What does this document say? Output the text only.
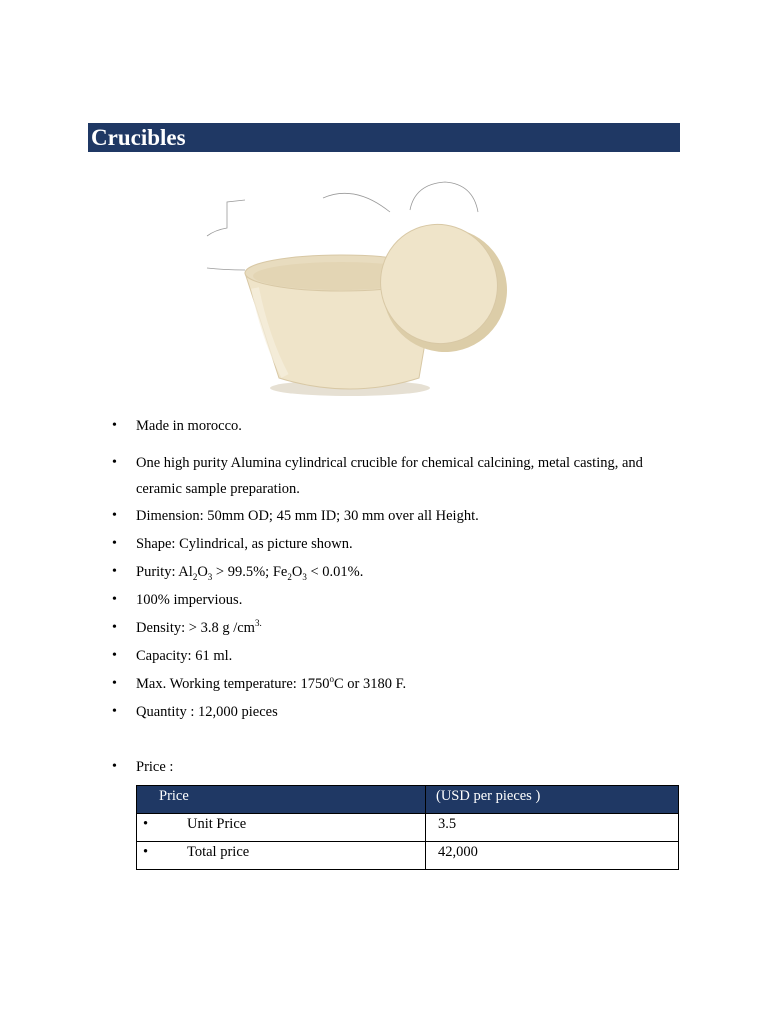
Crucibles
•	Made in morocco.
•	One high purity Alumina cylindrical crucible for chemical calcining, metal casting, and
ceramic sample preparation.
•	Dimension: 50mm OD; 45 mm ID; 30 mm over all Height.
•	Shape: Cylindrical, as picture shown.
•	Purity: $Al_2O_3 > 99.5\%$; $Fe_2O_3 < 0.01\%$.
•	100% impervious.
•	Density: > 3.8 g $/cm^{3.}$
•	Capacity: 61 ml.
•	Max. Working temperature: 1750$^o$C or 3180 F.
•	Quantity : 12,000 pieces
•	Price :
Price	(USD per pieces )
• Unit Price	3.5
• Total price	42,000
